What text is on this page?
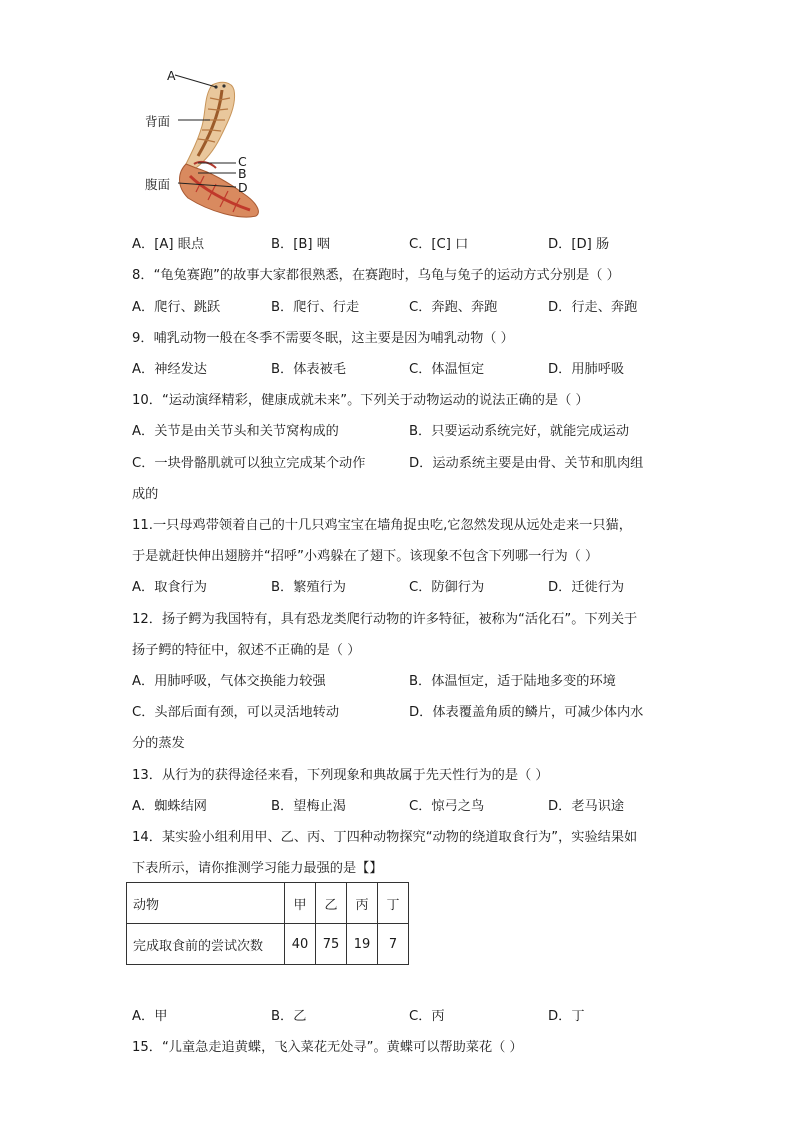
A
背面
C
B
腹面	D
A．[A] 眼点	B．[B] 咽	C．[C] 口	D．[D] 肠
8．“龟兔赛跑”的故事大家都很熟悉，在赛跑时，乌龟与兔子的运动方式分别是（ ）
A．爬行、跳跃	B．爬行、行走	C．奔跑、奔跑	D．行走、奔跑
9．哺乳动物一般在冬季不需要冬眠，这主要是因为哺乳动物（ ）
A．神经发达	B．体表被毛	C．体温恒定	D．用肺呼吸
10．“运动演绎精彩，健康成就未来”。下列关于动物运动的说法正确的是（ ）
A．关节是由关节头和关节窝构成的	B．只要运动系统完好，就能完成运动
C．一块骨骼肌就可以独立完成某个动作	D．运动系统主要是由骨、关节和肌肉组
成的
11.一只母鸡带领着自己的十几只鸡宝宝在墙角捉虫吃,它忽然发现从远处走来一只猫，
于是就赶快伸出翅膀并“招呼”小鸡躲在了翅下。该现象不包含下列哪一行为（ ）
A．取食行为	B．繁殖行为	C．防御行为	D．迁徙行为
12．扬子鳄为我国特有，具有恐龙类爬行动物的许多特征，被称为“活化石”。下列关于
扬子鳄的特征中，叙述不正确的是（ ）
A．用肺呼吸，气体交换能力较强	B．体温恒定，适于陆地多变的环境
C．头部后面有颈，可以灵活地转动	D．体表覆盖角质的鳞片，可减少体内水
分的蒸发
13．从行为的获得途径来看，下列现象和典故属于先天性行为的是（ ）
A．蜘蛛结网	B．望梅止渴	C．惊弓之鸟	D．老马识途
14．某实验小组利用甲、乙、丙、丁四种动物探究“动物的绕道取食行为”，实验结果如
下表所示，请你推测学习能力最强的是【】
动物	甲	乙	丙	丁
完成取食前的尝试次数	40	75	19	7
A．甲	B．乙	C．丙	D．丁
15．“儿童急走追黄蝶，飞入菜花无处寻”。黄蝶可以帮助菜花（ ）
